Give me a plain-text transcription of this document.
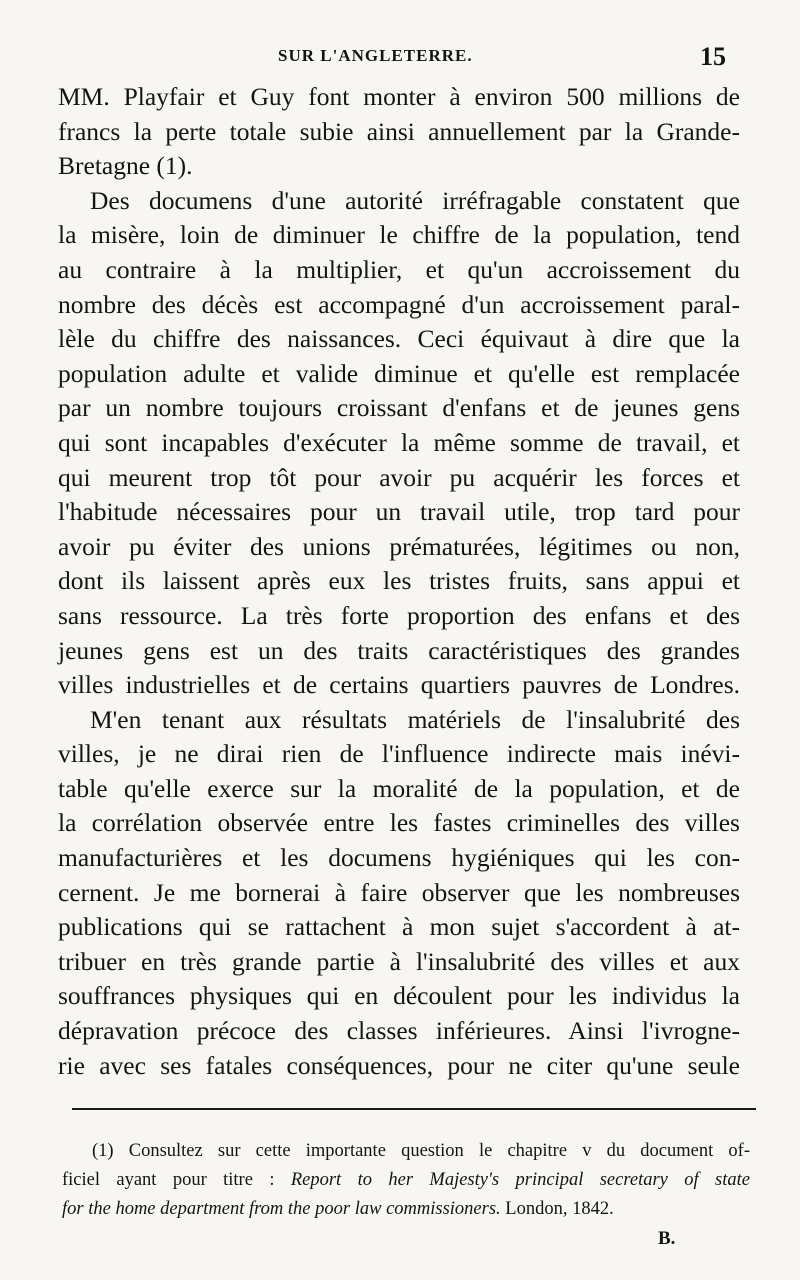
SUR L'ANGLETERRE.	15
MM. Playfair et Guy font monter à environ 500 millions de
francs la perte totale subie ainsi annuellement par la Grande-
Bretagne (1).
Des documens d'une autorité irréfragable constatent que
la misère, loin de diminuer le chiffre de la population, tend
au contraire à la multiplier, et qu'un accroissement du
nombre des décès est accompagné d'un accroissement paral-
lèle du chiffre des naissances. Ceci équivaut à dire que la
population adulte et valide diminue et qu'elle est remplacée
par un nombre toujours croissant d'enfans et de jeunes gens
qui sont incapables d'exécuter la même somme de travail, et
qui meurent trop tôt pour avoir pu acquérir les forces et
l'habitude nécessaires pour un travail utile, trop tard pour
avoir pu éviter des unions prématurées, légitimes ou non,
dont ils laissent après eux les tristes fruits, sans appui et
sans ressource. La très forte proportion des enfans et des
jeunes gens est un des traits caractéristiques des grandes
villes industrielles et de certains quartiers pauvres de Londres.
M'en tenant aux résultats matériels de l'insalubrité des
villes, je ne dirai rien de l'influence indirecte mais inévi-
table qu'elle exerce sur la moralité de la population, et de
la corrélation observée entre les fastes criminelles des villes
manufacturières et les documens hygiéniques qui les con-
cernent. Je me bornerai à faire observer que les nombreuses
publications qui se rattachent à mon sujet s'accordent à at-
tribuer en très grande partie à l'insalubrité des villes et aux
souffrances physiques qui en découlent pour les individus la
dépravation précoce des classes inférieures. Ainsi l'ivrogne-
rie avec ses fatales conséquences, pour ne citer qu'une seule
(1) Consultez sur cette importante question le chapitre v du document of-
ficiel ayant pour titre : Report to her Majesty's principal secretary of state
for the home department from the poor law commissioners. London, 1842.
B.
